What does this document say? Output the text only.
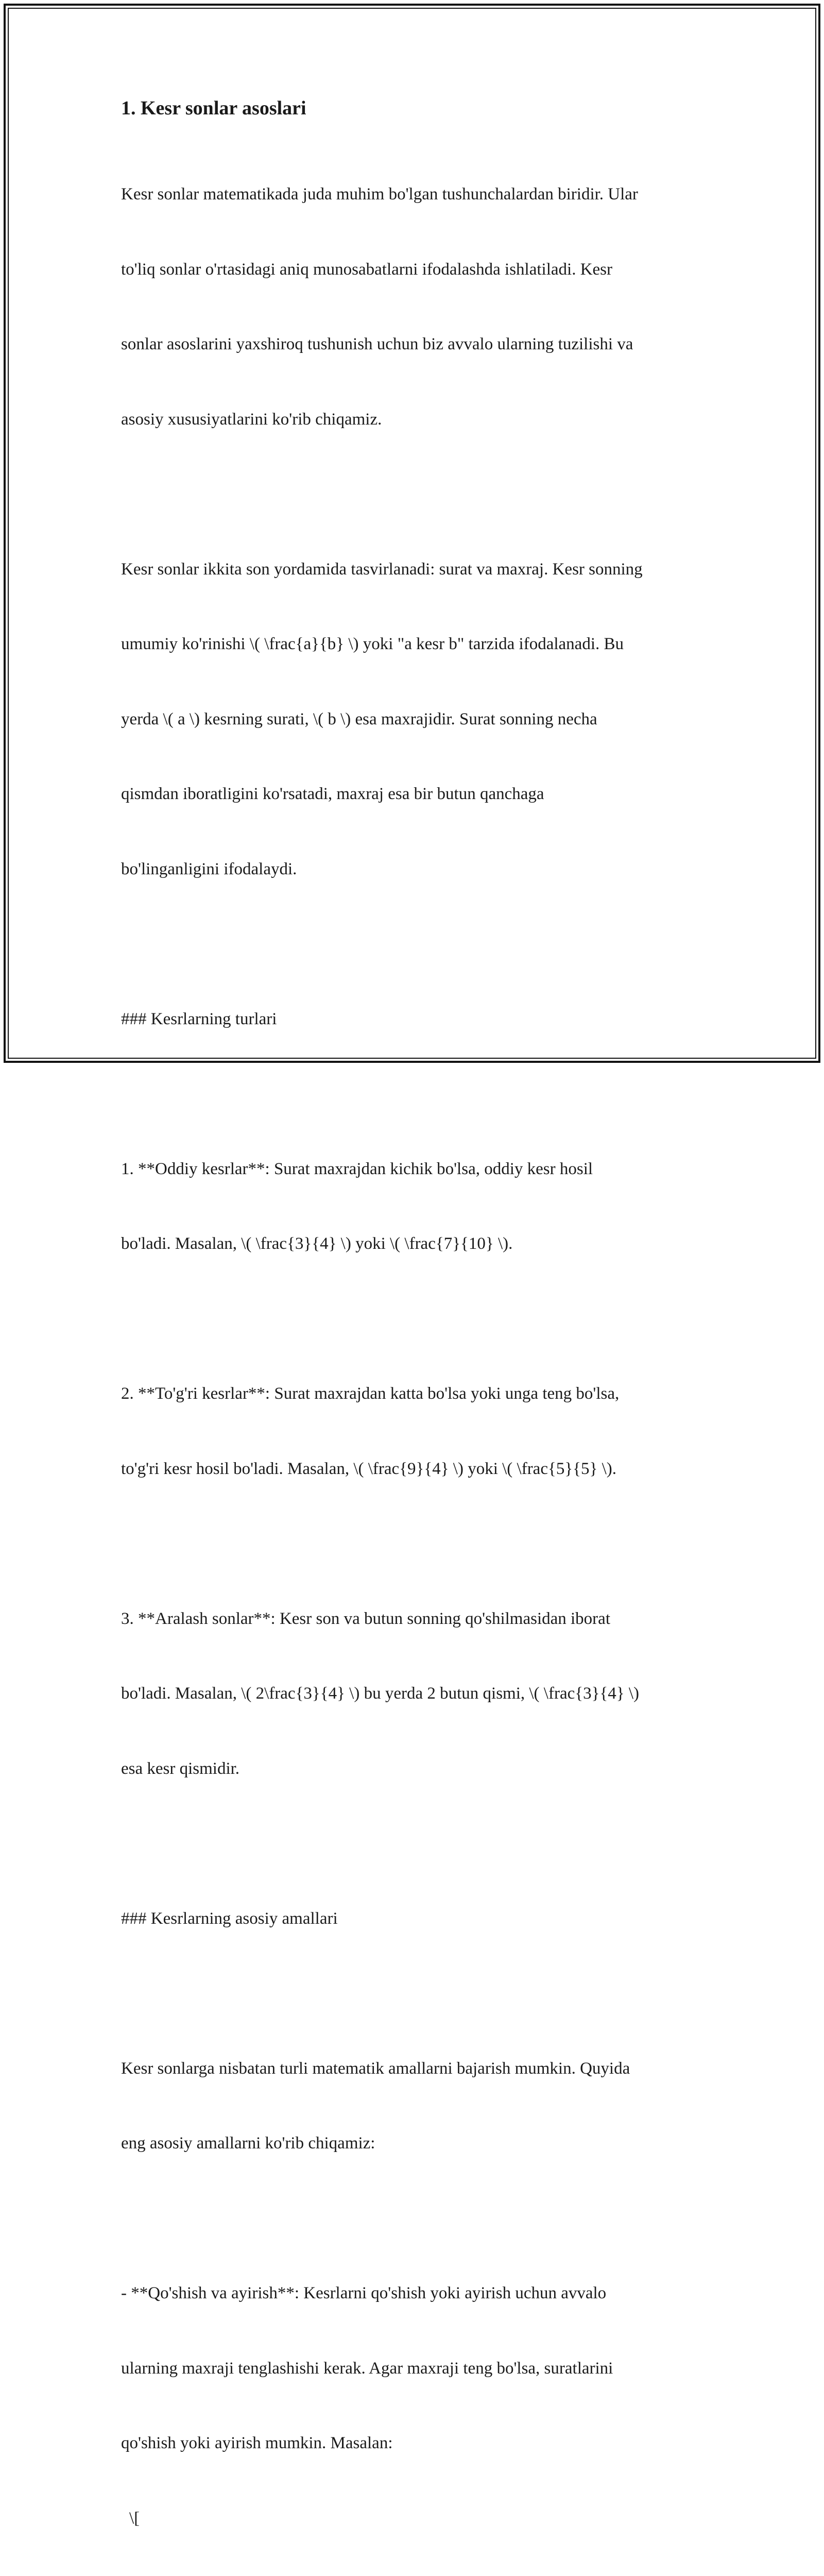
1. Kesr sonlar asoslari

Kesr sonlar matematikada juda muhim bo'lgan tushunchalardan biridir. Ular

to'liq sonlar o'rtasidagi aniq munosabatlarni ifodalashda ishlatiladi. Kesr

sonlar asoslarini yaxshiroq tushunish uchun biz avvalo ularning tuzilishi va

asosiy xususiyatlarini ko'rib chiqamiz.

Kesr sonlar ikkita son yordamida tasvirlanadi: surat va maxraj. Kesr sonning

umumiy ko'rinishi \( \frac{a}{b} \) yoki "a kesr b" tarzida ifodalanadi. Bu

yerda \( a \) kesrning surati, \( b \) esa maxrajidir. Surat sonning necha

qismdan iboratligini ko'rsatadi, maxraj esa bir butun qanchaga

bo'linganligini ifodalaydi.

### Kesrlarning turlari

1. **Oddiy kesrlar**: Surat maxrajdan kichik bo'lsa, oddiy kesr hosil

bo'ladi. Masalan, \( \frac{3}{4} \) yoki \( \frac{7}{10} \).

2. **To'g'ri kesrlar**: Surat maxrajdan katta bo'lsa yoki unga teng bo'lsa,

to'g'ri kesr hosil bo'ladi. Masalan, \( \frac{9}{4} \) yoki \( \frac{5}{5} \).

3. **Aralash sonlar**: Kesr son va butun sonning qo'shilmasidan iborat

bo'ladi. Masalan, \( 2\frac{3}{4} \) bu yerda 2 butun qismi, \( \frac{3}{4} \)

esa kesr qismidir.

### Kesrlarning asosiy amallari

Kesr sonlarga nisbatan turli matematik amallarni bajarish mumkin. Quyida

eng asosiy amallarni ko'rib chiqamiz:

- **Qo'shish va ayirish**: Kesrlarni qo'shish yoki ayirish uchun avvalo

ularning maxraji tenglashishi kerak. Agar maxraji teng bo'lsa, suratlarini

qo'shish yoki ayirish mumkin. Masalan:

\[
